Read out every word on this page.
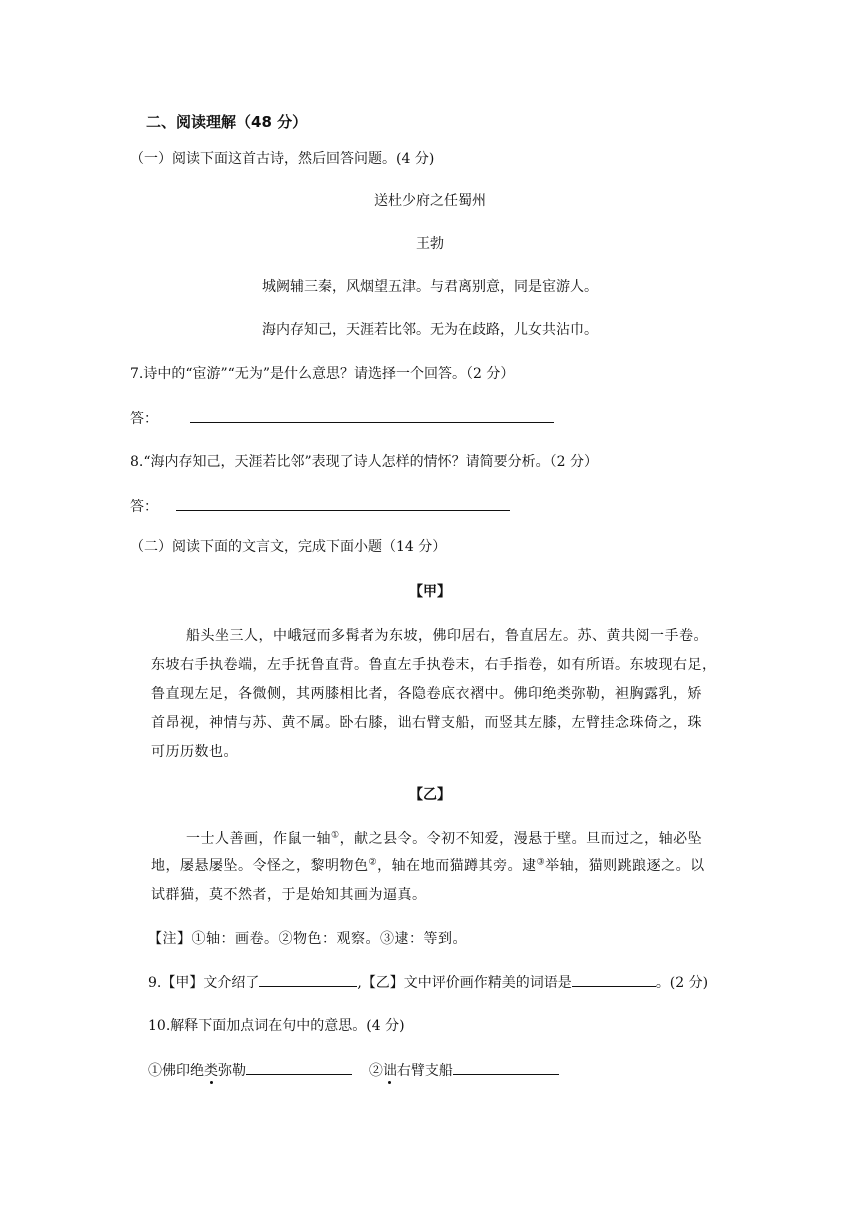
二、阅读理解（48 分）
（一）阅读下面这首古诗，然后回答问题。(4 分)
送杜少府之任蜀州
王勃
城阙辅三秦，风烟望五津。与君离别意，同是宦游人。
海内存知己，天涯若比邻。无为在歧路，儿女共沾巾。
7.诗中的“宦游”“无为”是什么意思？请选择一个回答。（2 分）
答：
8.“海内存知己，天涯若比邻”表现了诗人怎样的情怀？请简要分析。（2 分）
答：
（二）阅读下面的文言文，完成下面小题（14 分）
【甲】
船头坐三人，中峨冠而多髯者为东坡，佛印居右，鲁直居左。苏、黄共阅一手卷。
东坡右手执卷端，左手抚鲁直背。鲁直左手执卷末，右手指卷，如有所语。东坡现右足，
鲁直现左足，各微侧，其两膝相比者，各隐卷底衣褶中。佛印绝类弥勒，袒胸露乳，矫
首昂视，神情与苏、黄不属。卧右膝，诎右臂支船，而竖其左膝，左臂挂念珠倚之，珠
可历历数也。
【乙】
一士人善画，作鼠一轴①，献之县令。令初不知爱，漫悬于壁。旦而过之，轴必坠
地，屡悬屡坠。令怪之，黎明物色②，轴在地而猫蹲其旁。逮③举轴，猫则跳踉逐之。以
试群猫，莫不然者，于是始知其画为逼真。
【注】①轴：画卷。②物色：观察。③逮：等到。
9.【甲】文介绍了	,【乙】文中评价画作精美的词语是	。(2 分)
10.解释下面加点词在句中的意思。(4 分)
①佛印绝类弥勒	②诎右臂支船
